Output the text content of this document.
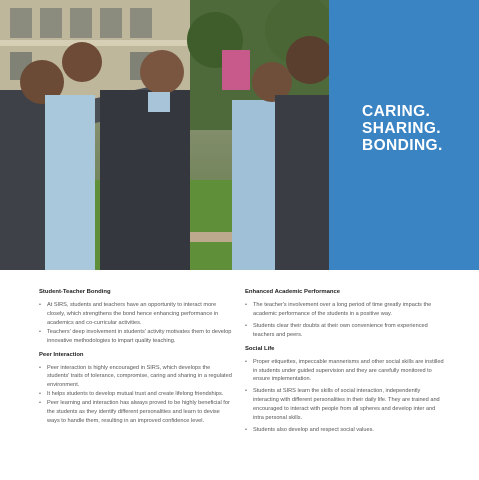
CARING.
SHARING.
BONDING.
Student-Teacher Bonding
• At SIRS, students and teachers have an opportunity to interact more closely, which strengthens the bond hence enhancing performance in academics and co-curricular activities.
• Teachers' deep involvement in students' activity motivates them to develop innovative methodologies to impart quality teaching.
Peer Interaction
• Peer interaction is highly encouraged in SIRS, which develops the students' traits of tolerance, compromise, caring and sharing in a regulated environment.
• It helps students to develop mutual trust and create lifelong friendships.
• Peer learning and interaction has always proved to be highly beneficial for the students as they identify different personalities and learn to devise ways to handle them, resulting in an improved confidence level.
Enhanced Academic Performance
• The teacher's involvement over a long period of time greatly impacts the academic performance of the students in a positive way.
• Students clear their doubts at their own convenience from experienced teachers and peers.
Social Life
• Proper etiquettes, impeccable mannerisms and other social skills are instilled in students under guided supervision and they are carefully monitored to ensure implementation.
• Students at SIRS learn the skills of social interaction, independently interacting with different personalities in their daily life. They are trained and encouraged to interact with people from all spheres and develop inter and intra personal skills.
• Students also develop and respect social values.
